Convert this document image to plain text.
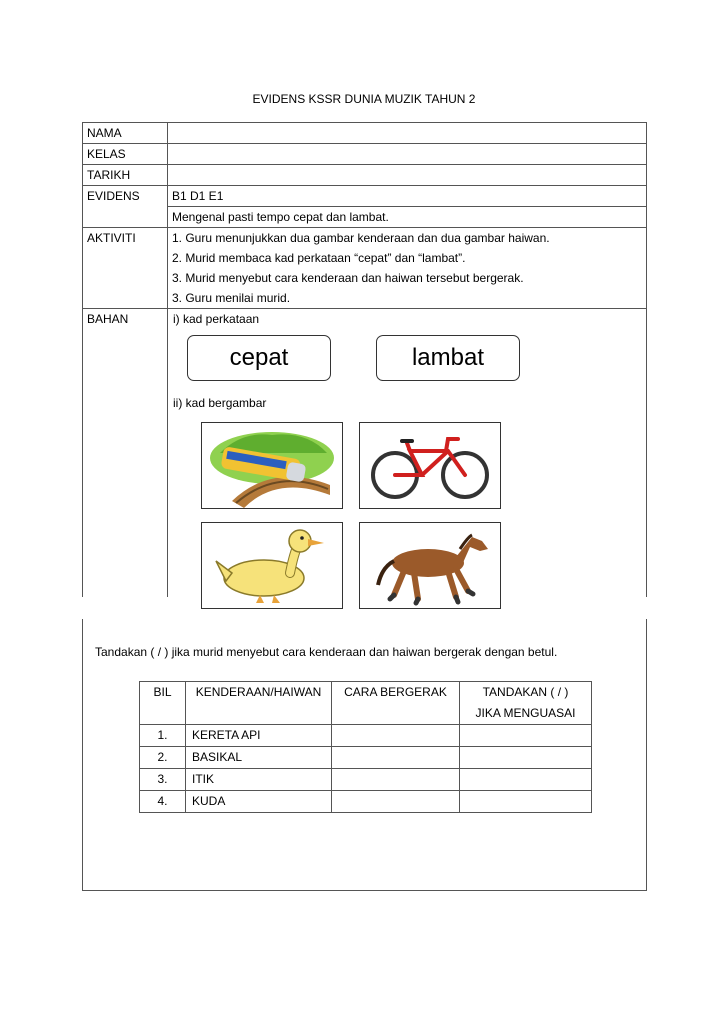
EVIDENS KSSR DUNIA MUZIK TAHUN 2
NAMA	
KELAS	
TARIKH	
EVIDENS	B1 D1 E1
	Mengenal pasti tempo cepat dan lambat.
AKTIVITI	1. Guru menunjukkan dua gambar kenderaan dan dua gambar haiwan.
2. Murid membaca kad perkataan “cepat” dan “lambat”.
3. Murid menyebut cara kenderaan dan haiwan tersebut bergerak.
3. Guru menilai murid.

BAHAN	i) kad perkataan
cepat lambat
ii) kad bergambar
Tandakan ( / ) jika murid menyebut cara kenderaan dan haiwan bergerak dengan betul.
BIL	KENDERAAN/HAIWAN	CARA BERGERAK	TANDAKAN ( / )
JIKA MENGUASAI

1.	KERETA API		
2.	BASIKAL		
3.	ITIK		
4.	KUDA		
